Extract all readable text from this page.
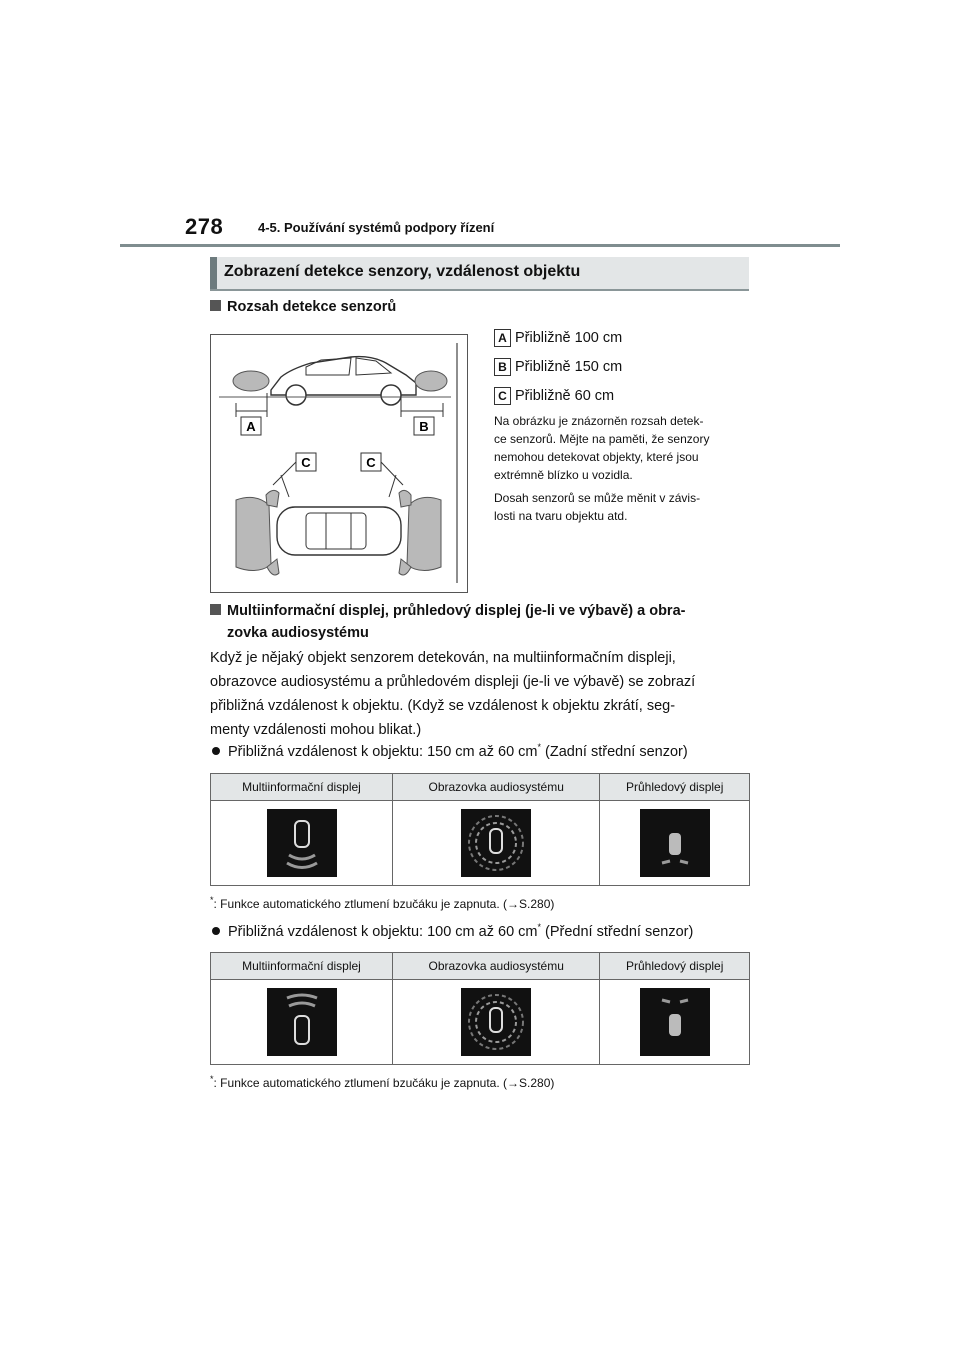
278	4-5. Používání systémů podpory řízení
Zobrazení detekce senzory, vzdálenost objektu
Rozsah detekce senzorů
A	B
C	C
A Přibližně 100 cm
B Přibližně 150 cm
C Přibližně 60 cm
Na obrázku je znázorněn rozsah detek-
ce senzorů. Mějte na paměti, že senzory
nemohou detekovat objekty, které jsou
extrémně blízko u vozidla.
Dosah senzorů se může měnit v závis-
losti na tvaru objektu atd.
Multiinformační displej, průhledový displej (je-li ve výbavě) a obra-
zovka audiosystému
Když je nějaký objekt senzorem detekován, na multiinformačním displeji,
obrazovce audiosystému a průhledovém displeji (je-li ve výbavě) se zobrazí
přibližná vzdálenost k objektu. (Když se vzdálenost k objektu zkrátí, seg-
menty vzdálenosti mohou blikat.)
Přibližná vzdálenost k objektu: 150 cm až 60 cm* (Zadní střední senzor)
Multiinformační displej	Obrazovka audiosystému	Průhledový displej

*: Funkce automatického ztlumení bzučáku je zapnuta. (→S.280)
Přibližná vzdálenost k objektu: 100 cm až 60 cm* (Přední střední senzor)
Multiinformační displej	Obrazovka audiosystému	Průhledový displej

*: Funkce automatického ztlumení bzučáku je zapnuta. (→S.280)
